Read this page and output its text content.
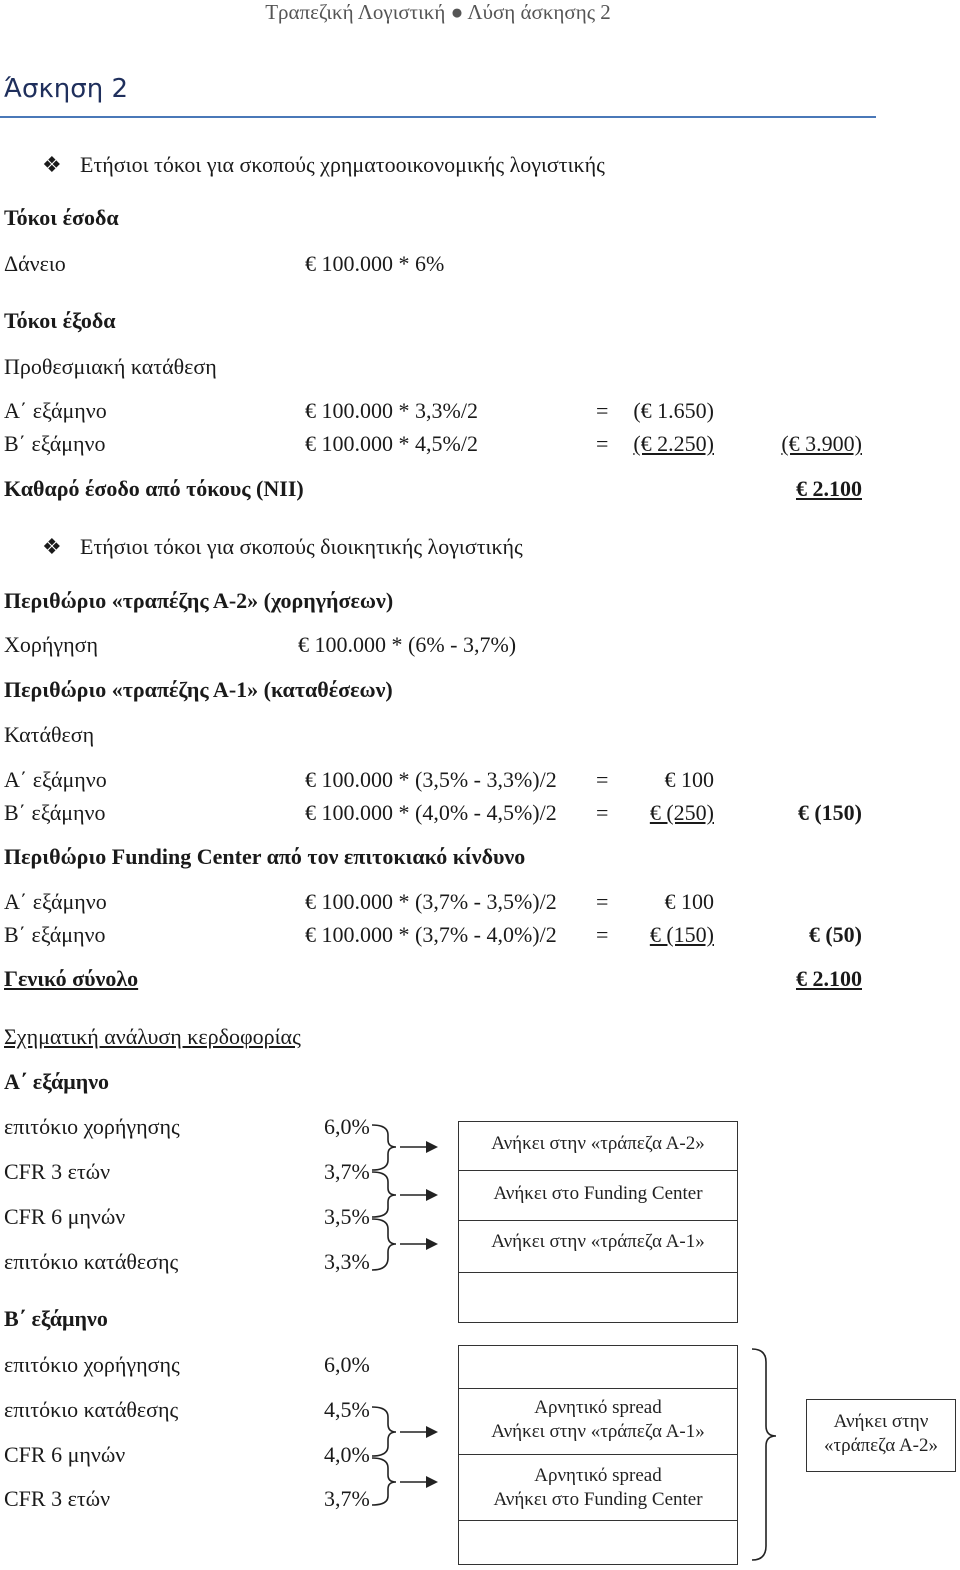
Τραπεζική Λογιστική ● Λύση άσκησης 2
Άσκηση 2
❖ Ετήσιοι τόκοι για σκοπούς χρηματοοικονομικής λογιστικής
Τόκοι έσοδα
Δάνειο	€ 100.000 * 6%
Τόκοι έξοδα
Προθεσμιακή κατάθεση
Α΄ εξάμηνο	€ 100.000 * 3,3%/2	=	(€ 1.650)
Β΄ εξάμηνο	€ 100.000 * 4,5%/2	=	(€ 2.250)	(€ 3.900)
Καθαρό έσοδο από τόκους (NII)	€ 2.100
❖ Ετήσιοι τόκοι για σκοπούς διοικητικής λογιστικής
Περιθώριο «τραπέζης Α-2» (χορηγήσεων)
Χορήγηση	€ 100.000 * (6% - 3,7%)
Περιθώριο «τραπέζης Α-1» (καταθέσεων)
Κατάθεση
Α΄ εξάμηνο	€ 100.000 * (3,5% - 3,3%)/2 =	€ 100
Β΄ εξάμηνο	€ 100.000 * (4,0% - 4,5%)/2 =	€ (250)	€ (150)
Περιθώριο Funding Center από τον επιτοκιακό κίνδυνο
Α΄ εξάμηνο	€ 100.000 * (3,7% - 3,5%)/2 =	€ 100
Β΄ εξάμηνο	€ 100.000 * (3,7% - 4,0%)/2 =	€ (150)	€ (50)
Γενικό σύνολο	€ 2.100
Σχηματική ανάλυση κερδοφορίας
Α΄ εξάμηνο
επιτόκιο χορήγησης	6,0%
CFR 3 ετών	3,7%
CFR 6 μηνών	3,5%
επιτόκιο κατάθεσης	3,3%
Ανήκει στην «τράπεζα Α-2»
Ανήκει στο Funding Center
Ανήκει στην «τράπεζα Α-1»
Β΄ εξάμηνο
επιτόκιο χορήγησης	6,0%
επιτόκιο κατάθεσης	4,5%
CFR 6 μηνών	4,0%
CFR 3 ετών	3,7%
Αρνητικό spread
Ανήκει στην «τράπεζα Α-1»
Αρνητικό spread
Ανήκει στο Funding Center
Ανήκει στην
«τράπεζα Α-2»
